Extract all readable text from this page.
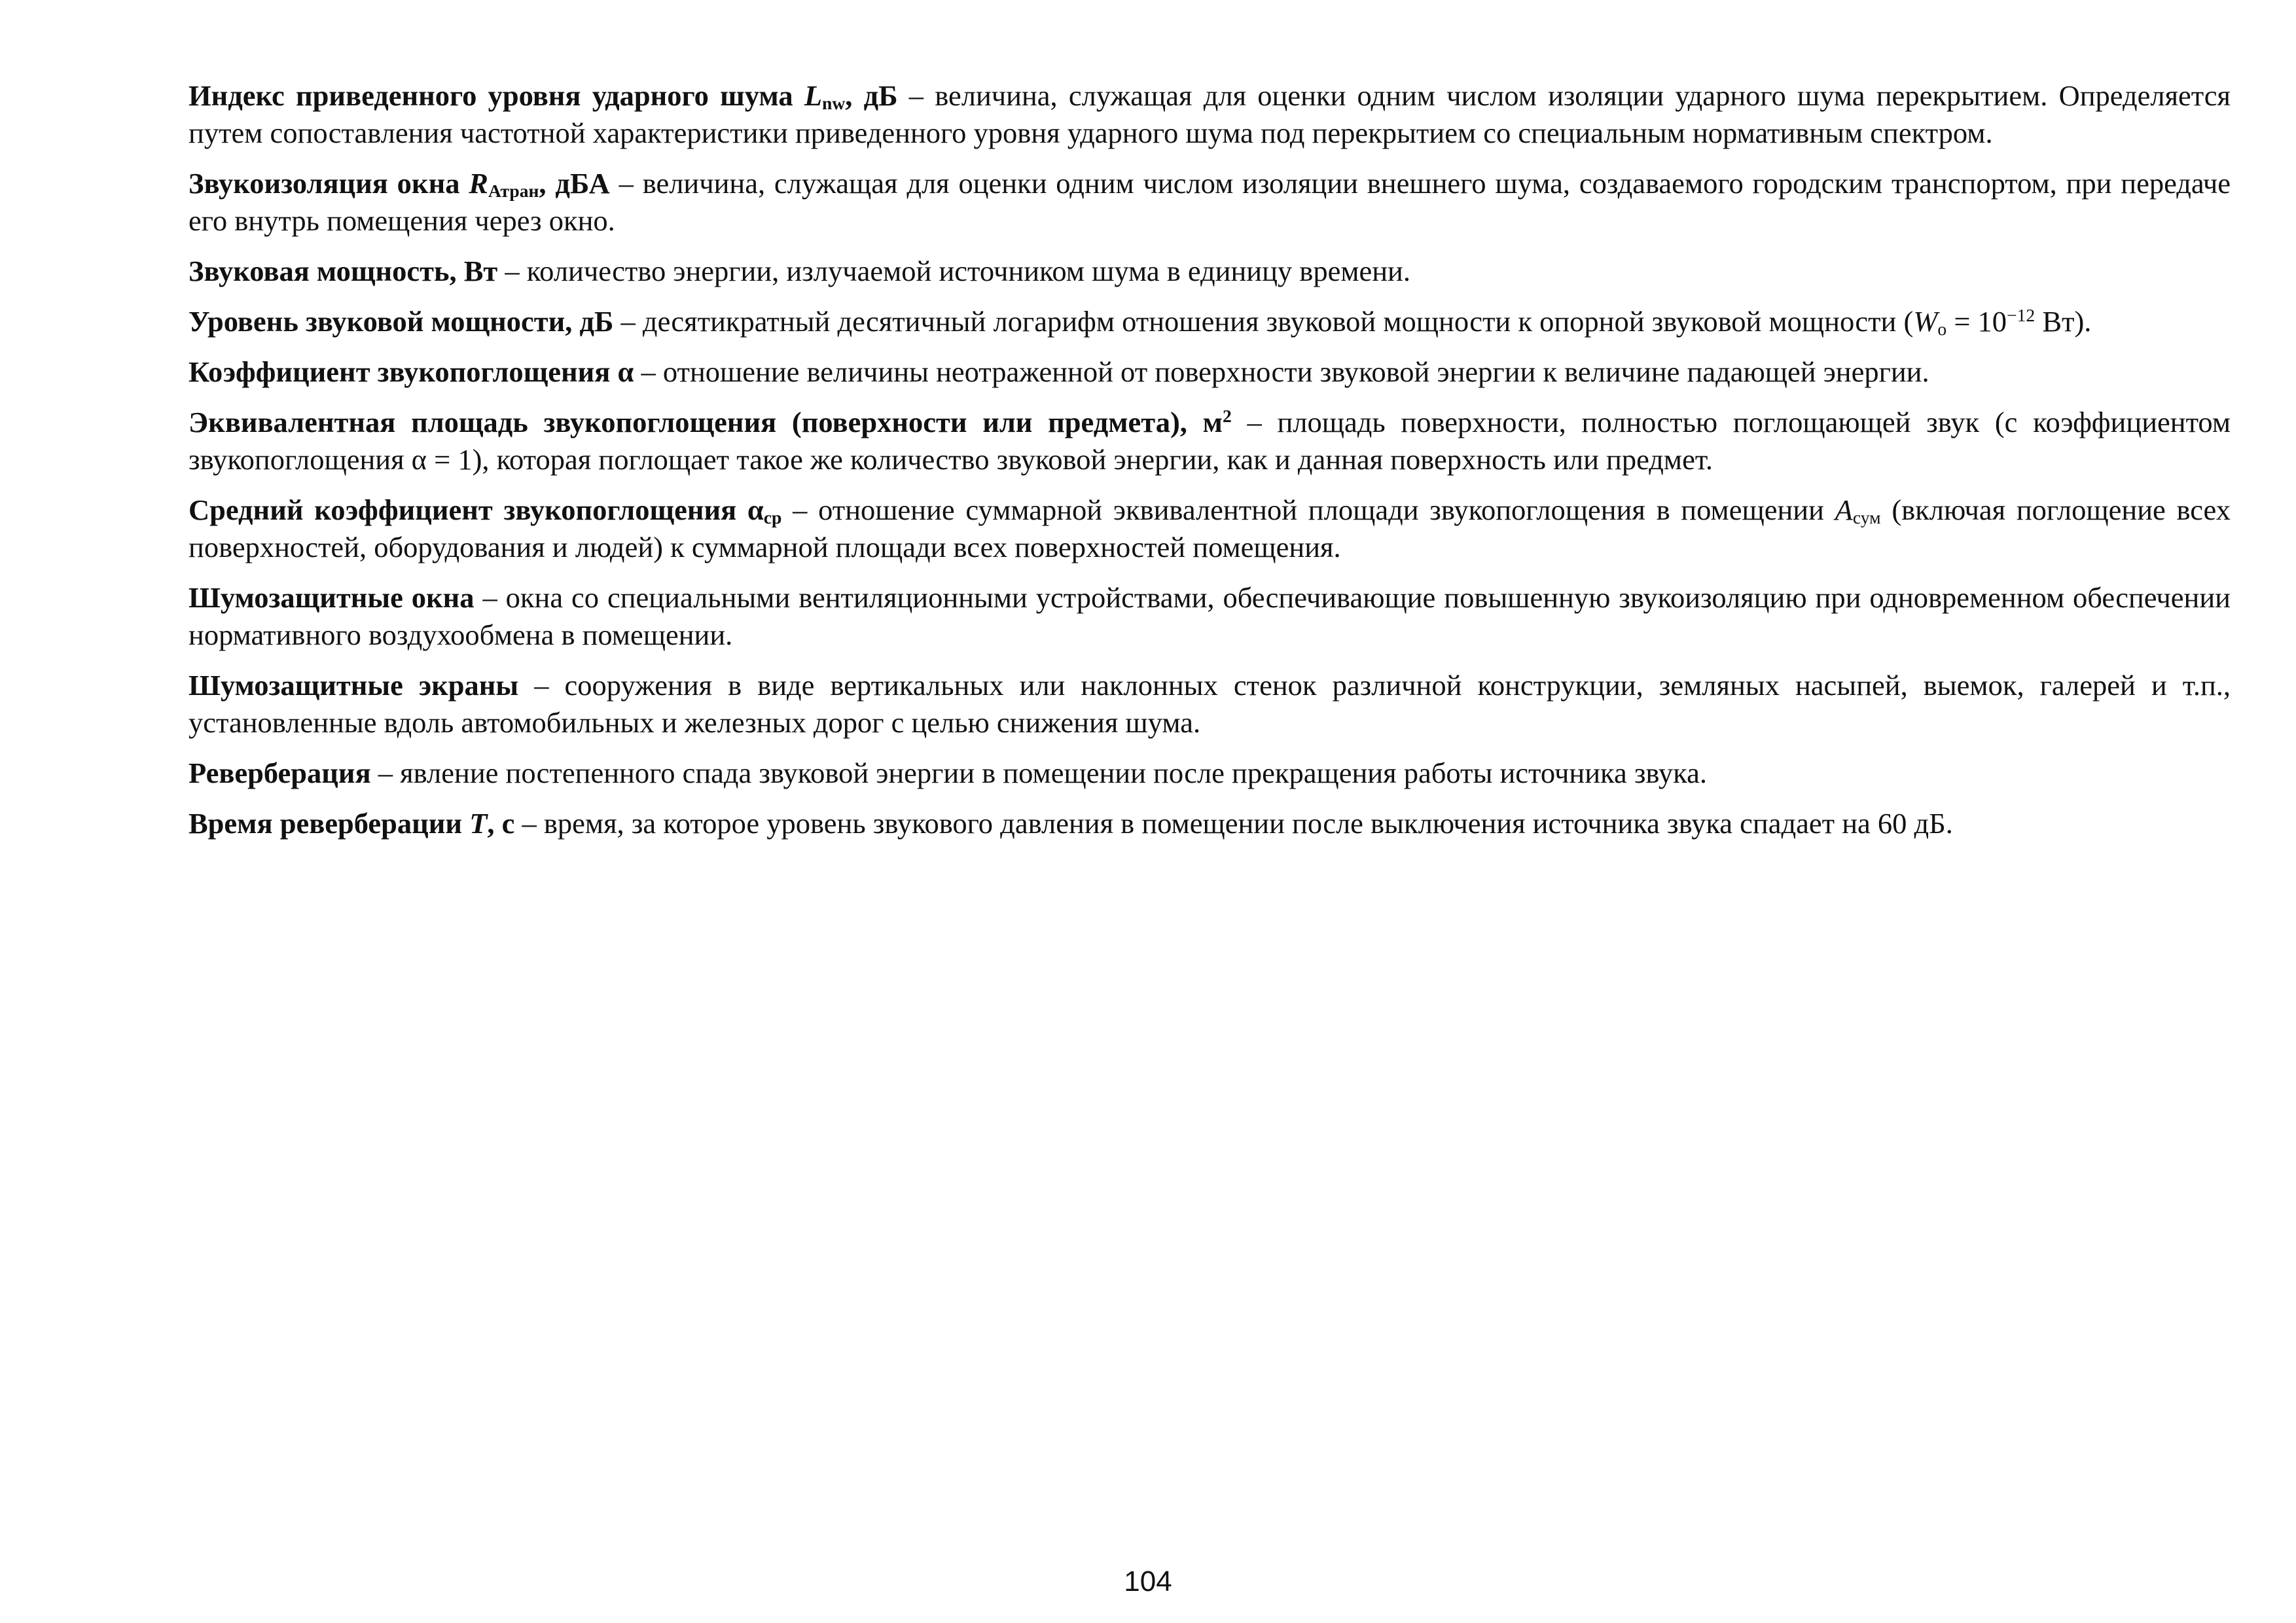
Индекс приведенного уровня ударного шума $L_{nw}$, дБ – величина, служащая для оценки одним числом изоляции ударного шума перекрытием. Определяется путем сопоставления частотной характеристики приведенного уровня ударного шума под перекрытием со специальным нормативным спектром.

Звукоизоляция окна $R_{Атран}$, дБА – величина, служащая для оценки одним числом изоляции внешнего шума, создаваемого городским транспортом, при передаче его внутрь помещения через окно.

Звуковая мощность, Вт – количество энергии, излучаемой источником шума в единицу времени.

Уровень звуковой мощности, дБ – десятикратный десятичный логарифм отношения звуковой мощности к опорной звуковой мощности ($W_о = 10^{-12}$ Вт).

Коэффициент звукопоглощения α – отношение величины неотраженной от поверхности звуковой энергии к величине падающей энергии.

Эквивалентная площадь звукопоглощения (поверхности или предмета), $м^2$ – площадь поверхности, полностью поглощающей звук (с коэффициентом звукопоглощения α = 1), которая поглощает такое же количество звуковой энергии, как и данная поверхность или предмет.

Средний коэффициент звукопоглощения $\alpha_{ср}$ – отношение суммарной эквивалентной площади звукопоглощения в помещении $А_{сум}$ (включая поглощение всех поверхностей, оборудования и людей) к суммарной площади всех поверхностей помещения.

Шумозащитные окна – окна со специальными вентиляционными устройствами, обеспечивающие повышенную звукоизоляцию при одновременном обеспечении нормативного воздухообмена в помещении.

Шумозащитные экраны – сооружения в виде вертикальных или наклонных стенок различной конструкции, земляных насыпей, выемок, галерей и т.п., установленные вдоль автомобильных и железных дорог с целью снижения шума.

Реверберация – явление постепенного спада звуковой энергии в помещении после прекращения работы источника звука.

Время реверберации T, с – время, за которое уровень звукового давления в помещении после выключения источника звука спадает на 60 дБ.

104
